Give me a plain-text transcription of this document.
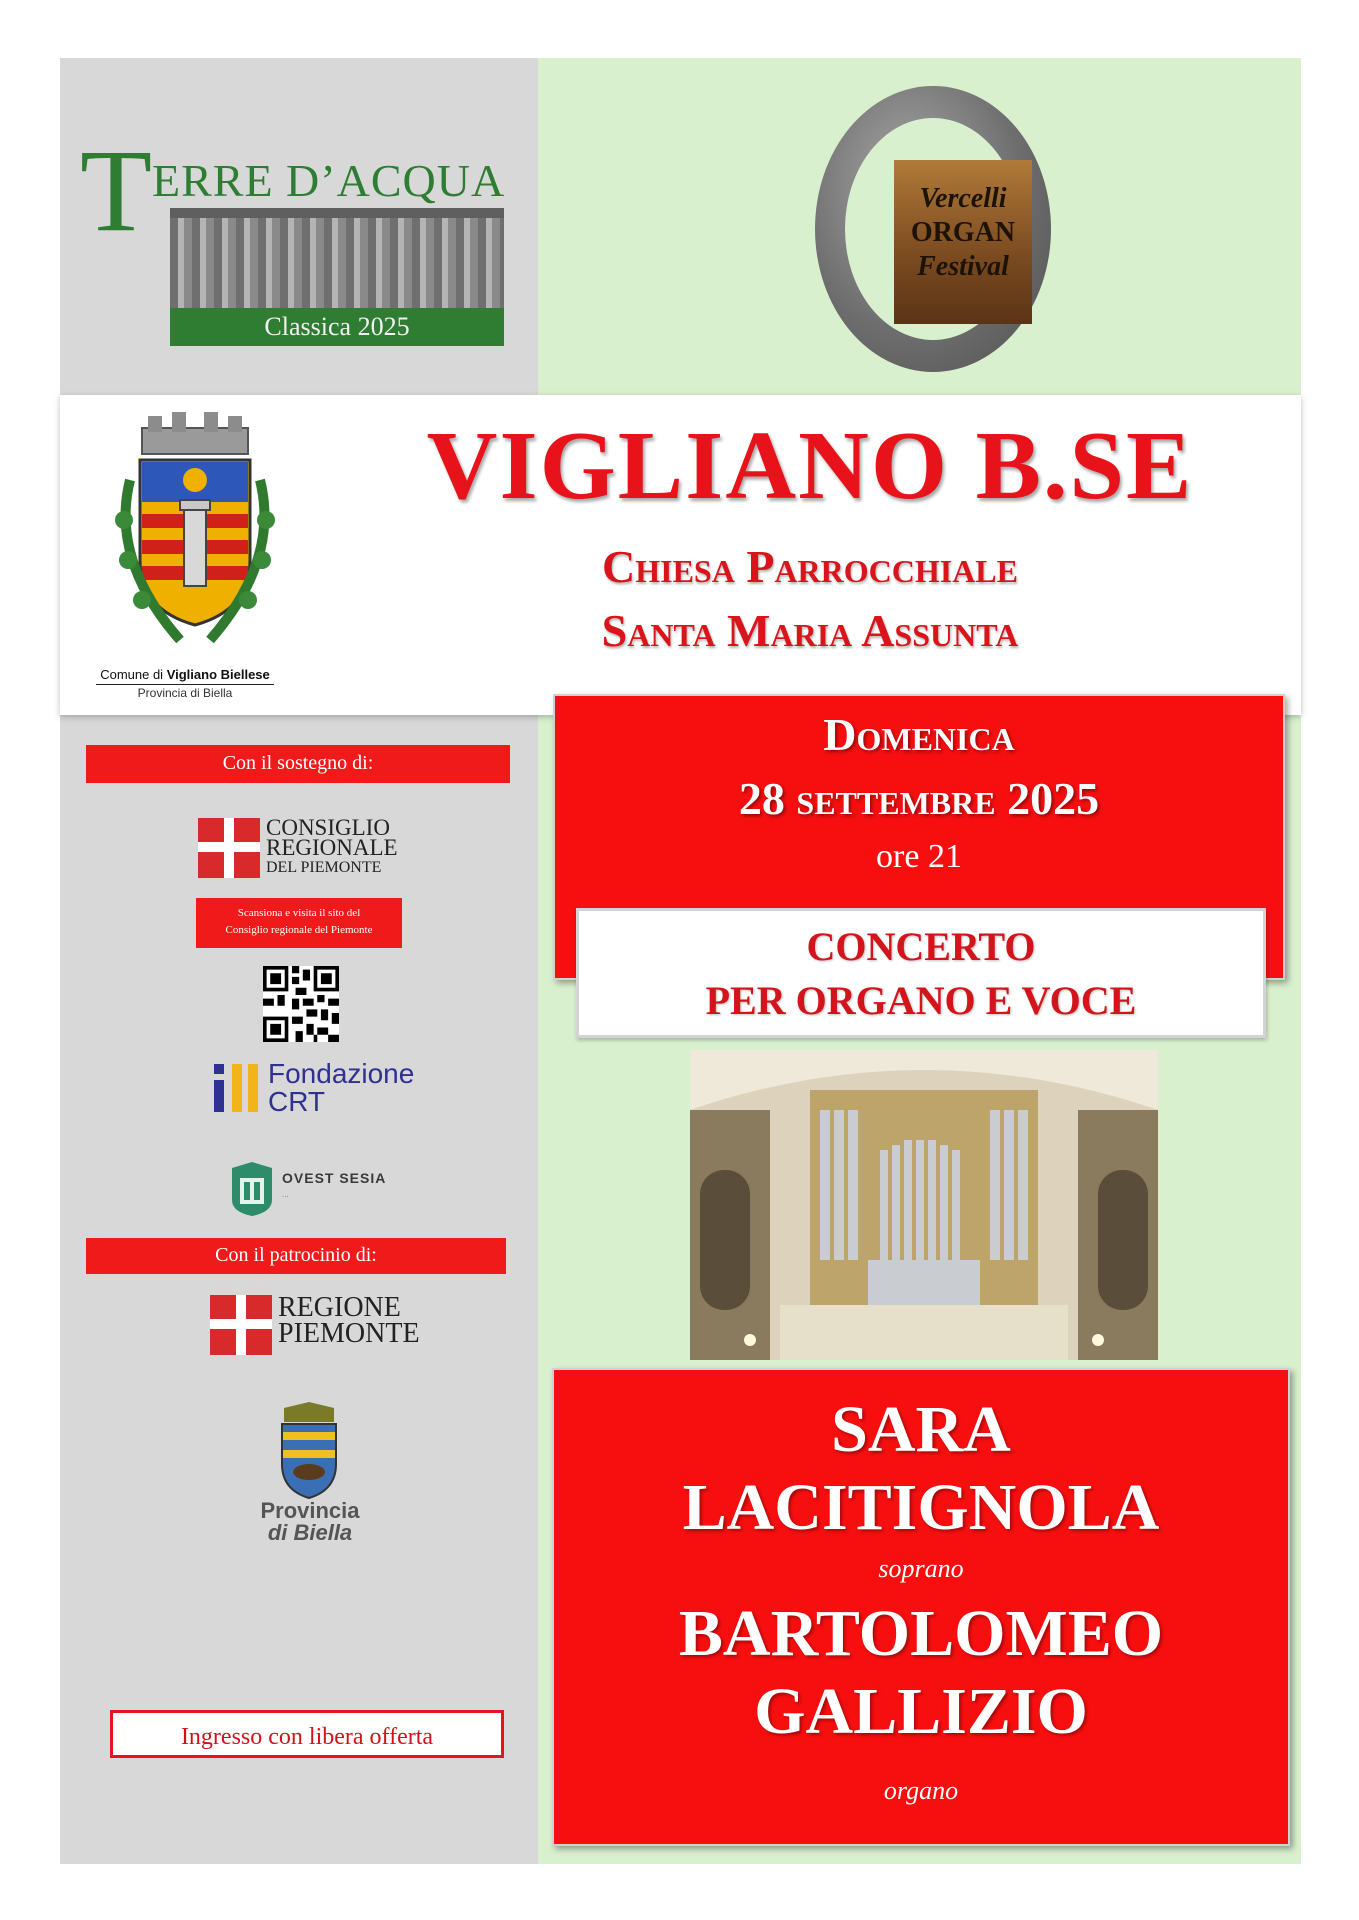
T ERRE D’ACQUA
Classica 2025
Vercelli
ORGAN
Festival
Comune di Vigliano Biellese
Provincia di Biella
VIGLIANO B.SE
Chiesa Parrocchiale
Santa Maria Assunta
Con il sostegno di:
CONSIGLIO
REGIONALE
DEL PIEMONTE
Scansiona e visita il sito del
Consiglio regionale del Piemonte
Fondazione
CRT
OVEST SESIA
...
Con il patrocinio di:
REGIONE
PIEMONTE
Provincia
di Biella
Ingresso con libera offerta
Domenica
28 settembre 2025
ore 21
CONCERTO
PER ORGANO E VOCE
SARA
LACITIGNOLA
soprano
BARTOLOMEO
GALLIZIO
organo
